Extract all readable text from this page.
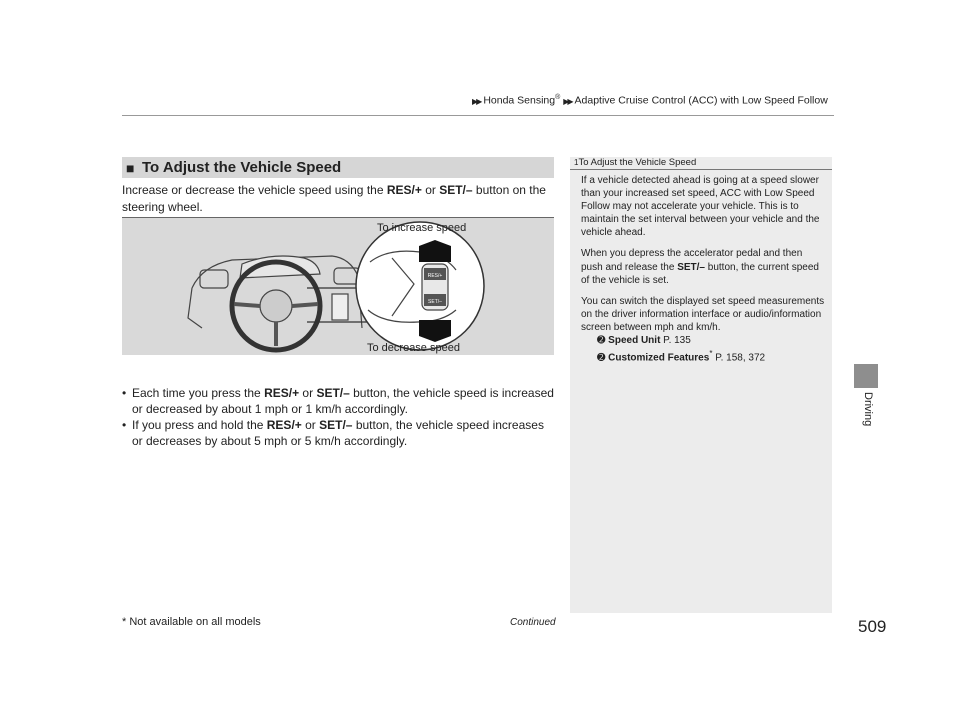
▶▶ Honda Sensing® ▶▶ Adaptive Cruise Control (ACC) with Low Speed Follow
■ To Adjust the Vehicle Speed
Increase or decrease the vehicle speed using the RES/+ or SET/– button on the steering wheel.
RES/+
SET/–
To increase speed
To decrease speed
• Each time you press the RES/+ or SET/– button, the vehicle speed is increased or decreased by about 1 mph or 1 km/h accordingly.
• If you press and hold the RES/+ or SET/– button, the vehicle speed increases or decreases by about 5 mph or 5 km/h accordingly.
1To Adjust the Vehicle Speed

If a vehicle detected ahead is going at a speed slower than your increased set speed, ACC with Low Speed Follow may not accelerate your vehicle. This is to maintain the set interval between your vehicle and the vehicle ahead.

When you depress the accelerator pedal and then push and release the SET/– button, the current speed of the vehicle is set.

You can switch the displayed set speed measurements on the driver information interface or audio/information screen between mph and km/h.

➋ Speed Unit P. 135
➋ Customized Features* P. 158, 372
Driving
* Not available on all models	Continued	509
